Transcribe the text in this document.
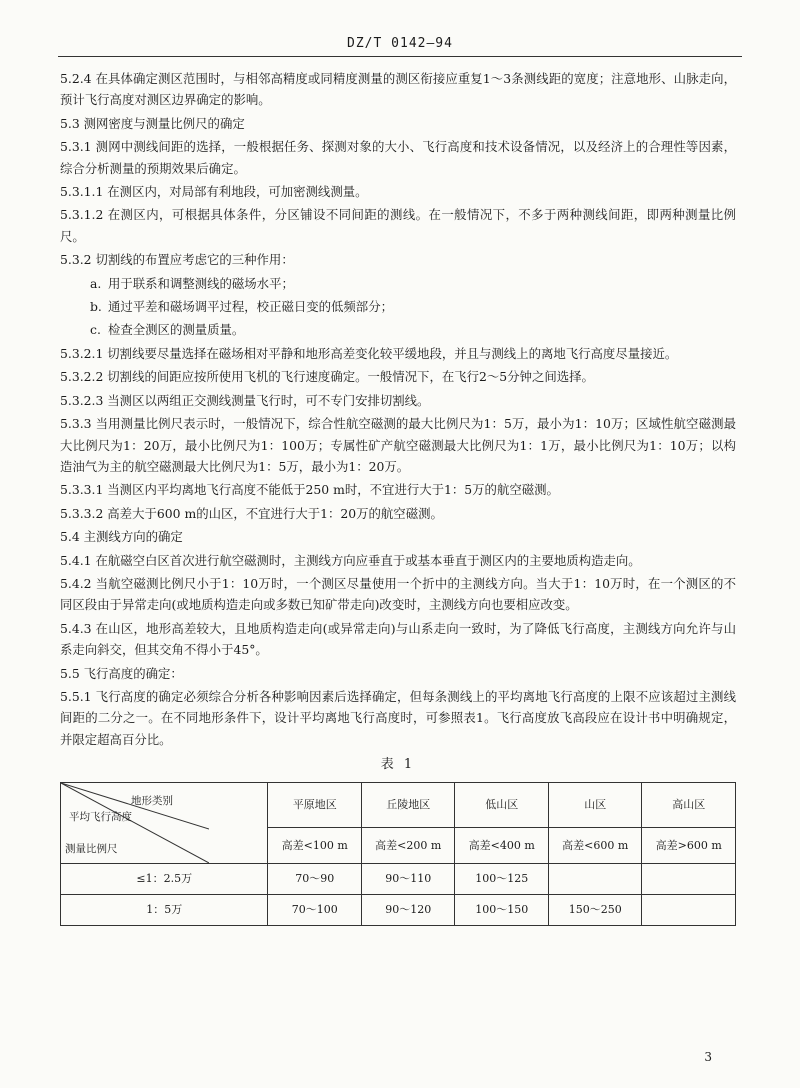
DZ/T 0142—94

5.2.4 在具体确定测区范围时，与相邻高精度或同精度测量的测区衔接应重复1～3条测线距的宽度；注意地形、山脉走向，预计飞行高度对测区边界确定的影响。

5.3 测网密度与测量比例尺的确定

5.3.1 测网中测线间距的选择，一般根据任务、探测对象的大小、飞行高度和技术设备情况，以及经济上的合理性等因素，综合分析测量的预期效果后确定。

5.3.1.1 在测区内，对局部有利地段，可加密测线测量。

5.3.1.2 在测区内，可根据具体条件，分区铺设不同间距的测线。在一般情况下，不多于两种测线间距，即两种测量比例尺。

5.3.2 切割线的布置应考虑它的三种作用：

a. 用于联系和调整测线的磁场水平；

b. 通过平差和磁场调平过程，校正磁日变的低频部分；

c. 检查全测区的测量质量。

5.3.2.1 切割线要尽量选择在磁场相对平静和地形高差变化较平缓地段，并且与测线上的离地飞行高度尽量接近。

5.3.2.2 切割线的间距应按所使用飞机的飞行速度确定。一般情况下，在飞行2～5分钟之间选择。

5.3.2.3 当测区以两组正交测线测量飞行时，可不专门安排切割线。

5.3.3 当用测量比例尺表示时，一般情况下，综合性航空磁测的最大比例尺为1：5万，最小为1：10万；区域性航空磁测最大比例尺为1：20万，最小比例尺为1：100万；专属性矿产航空磁测最大比例尺为1：1万，最小比例尺为1：10万；以构造油气为主的航空磁测最大比例尺为1：5万，最小为1：20万。

5.3.3.1 当测区内平均离地飞行高度不能低于250 m时，不宜进行大于1：5万的航空磁测。

5.3.3.2 高差大于600 m的山区，不宜进行大于1：20万的航空磁测。

5.4 主测线方向的确定

5.4.1 在航磁空白区首次进行航空磁测时，主测线方向应垂直于或基本垂直于测区内的主要地质构造走向。

5.4.2 当航空磁测比例尺小于1：10万时，一个测区尽量使用一个折中的主测线方向。当大于1：10万时，在一个测区的不同区段由于异常走向(或地质构造走向或多数已知矿带走向)改变时，主测线方向也要相应改变。

5.4.3 在山区，地形高差较大，且地质构造走向(或异常走向)与山系走向一致时，为了降低飞行高度，主测线方向允许与山系走向斜交，但其交角不得小于45°。

5.5 飞行高度的确定：

5.5.1 飞行高度的确定必须综合分析各种影响因素后选择确定，但每条测线上的平均离地飞行高度的上限不应该超过主测线间距的二分之一。在不同地形条件下，设计平均离地飞行高度时，可参照表1。飞行高度放飞高段应在设计书中明确规定，并限定超高百分比。

表 1
地形类别
平均飞行高度
测量比例尺	平原地区	丘陵地区	低山区	山区	高山区
	高差<100 m	高差<200 m	高差<400 m	高差<600 m	高差>600 m
≤1：2.5万	70～90	90～110	100～125		
1：5万	70～100	90～120	100～150	150～250	
3
